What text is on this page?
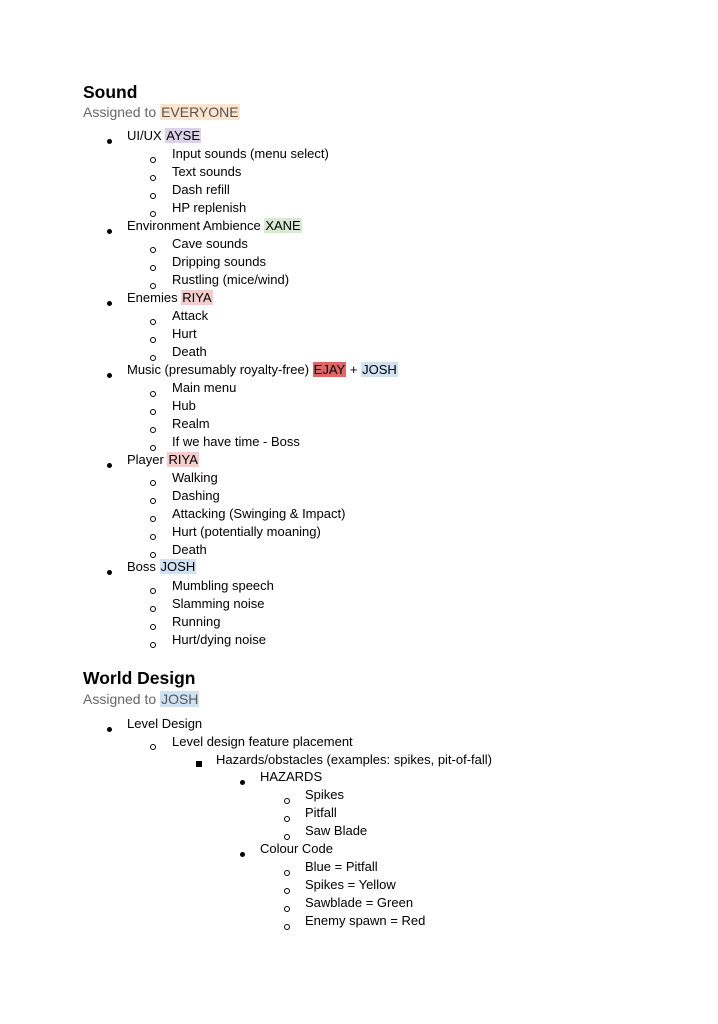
Sound
Assigned to EVERYONE
UI/UX AYSE
Input sounds (menu select)
Text sounds
Dash refill
HP replenish
Environment Ambience XANE
Cave sounds
Dripping sounds
Rustling (mice/wind)
Enemies RIYA
Attack
Hurt
Death
Music (presumably royalty-free) EJAY + JOSH
Main menu
Hub
Realm
If we have time - Boss
Player RIYA
Walking
Dashing
Attacking (Swinging & Impact)
Hurt (potentially moaning)
Death
Boss JOSH
Mumbling speech
Slamming noise
Running
Hurt/dying noise
World Design
Assigned to JOSH
Level Design
Level design feature placement
Hazards/obstacles (examples: spikes, pit-of-fall)
HAZARDS
Spikes
Pitfall
Saw Blade
Colour Code
Blue = Pitfall
Spikes = Yellow
Sawblade = Green
Enemy spawn = Red
